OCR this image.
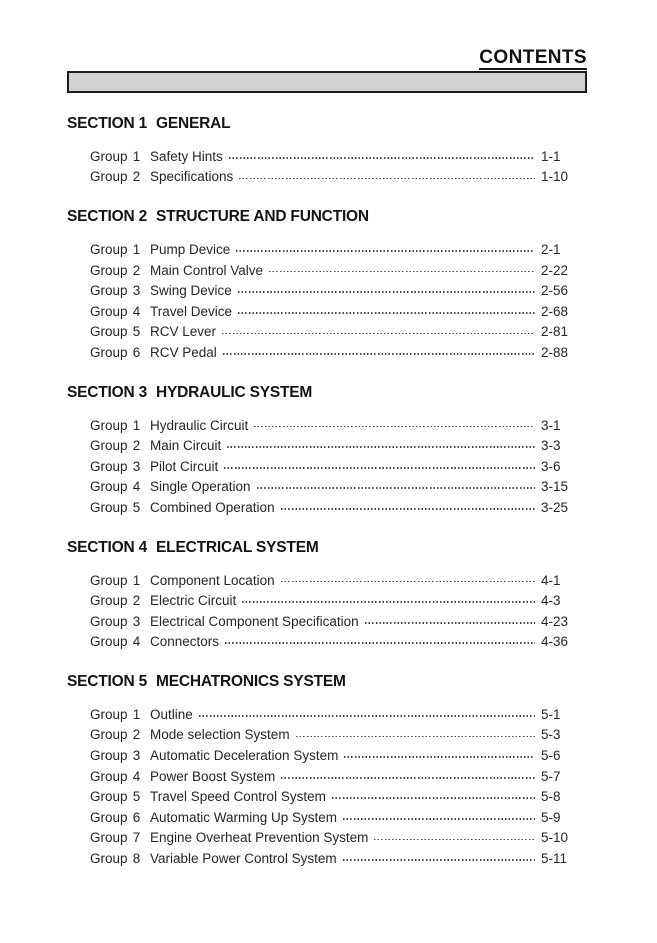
CONTENTS
SECTION 1 GENERAL
Group 1 Safety Hints	1-1
Group 2 Specifications	1-10
SECTION 2 STRUCTURE AND FUNCTION
Group 1 Pump Device	2-1
Group 2 Main Control Valve	2-22
Group 3 Swing Device	2-56
Group 4 Travel Device	2-68
Group 5 RCV Lever	2-81
Group 6 RCV Pedal	2-88
SECTION 3 HYDRAULIC SYSTEM
Group 1 Hydraulic Circuit	3-1
Group 2 Main Circuit	3-3
Group 3 Pilot Circuit	3-6
Group 4 Single Operation	3-15
Group 5 Combined Operation	3-25
SECTION 4 ELECTRICAL SYSTEM
Group 1 Component Location	4-1
Group 2 Electric Circuit	4-3
Group 3 Electrical Component Specification	4-23
Group 4 Connectors	4-36
SECTION 5 MECHATRONICS SYSTEM
Group 1 Outline	5-1
Group 2 Mode selection System	5-3
Group 3 Automatic Deceleration System	5-6
Group 4 Power Boost System	5-7
Group 5 Travel Speed Control System	5-8
Group 6 Automatic Warming Up System	5-9
Group 7 Engine Overheat Prevention System	5-10
Group 8 Variable Power Control System	5-11
